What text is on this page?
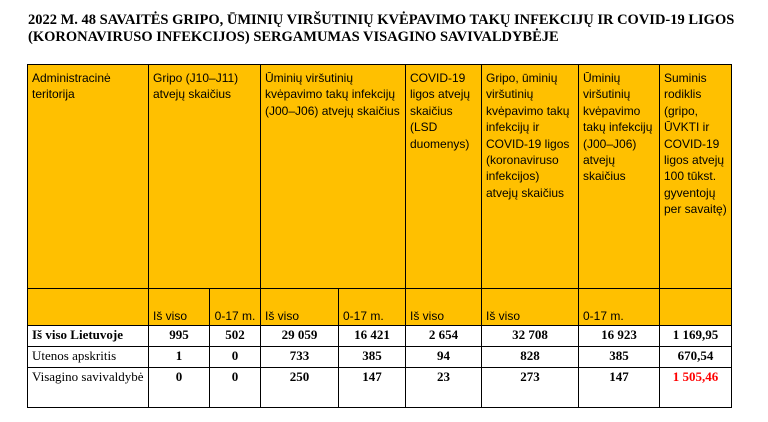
2022 M. 48 SAVAITĖS GRIPO, ŪMINIŲ VIRŠUTINIŲ KVĖPAVIMO TAKŲ INFEKCIJŲ IR COVID-19 LIGOS (KORONAVIRUSO INFEKCIJOS) SERGAMUMAS VISAGINO SAVIVALDYBĖJE
Administracinė teritorija	Gripo (J10–J11) atvejų skaičius		Ūminių viršutinių kvėpavimo takų infekcijų (J00–J06) atvejų skaičius		COVID-19 ligos atvejų skaičius (LSD duomenys)	Gripo, ūminių viršutinių kvėpavimo takų infekcijų ir COVID-19 ligos (koronaviruso infekcijos) atvejų skaičius	Ūminių viršutinių kvėpavimo takų infekcijų (J00–J06) atvejų skaičius	Suminis rodiklis (gripo, ŪVKTI ir COVID-19 ligos atvejų 100 tūkst. gyventojų per savaitę)
	Iš viso	0-17 m.	Iš viso	0-17 m.	Iš viso	Iš viso	0-17 m.	
Iš viso Lietuvoje	995	502	29 059	16 421	2 654	32 708	16 923	1 169,95
Utenos apskritis	1	0	733	385	94	828	385	670,54
Visagino savivaldybė	0	0	250	147	23	273	147	1 505,46
